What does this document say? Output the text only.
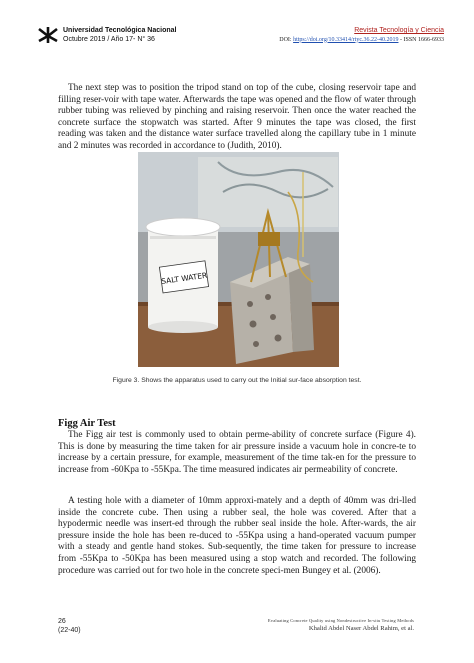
Universidad Tecnológica Nacional
Octubre 2019 / Año 17- N° 36
Revista Tecnología y Ciencia
DOI: https://doi.org/10.33414/rtyc.36.22-40.2019 - ISSN 1666-6933

The next step was to position the tripod stand on top of the cube, closing reservoir tape and filling reser-voir with tape water. Afterwards the tape was opened and the flow of water through rubber tubing was relieved by pinching and raising reservoir. Then once the water reached the concrete surface the stopwatch was started. After 9 minutes the tape was closed, the first reading was taken and the distance water surface travelled along the capillary tube in 1 minute and 2 minutes was recorded in accordance to (Judith, 2010).

SALT WATER

Figure 3. Shows the apparatus used to carry out the Initial sur-face absorption test.

Figg Air Test

The Figg air test is commonly used to obtain perme-ability of concrete surface (Figure 4). This is done by measuring the time taken for air pressure inside a vacuum hole in concre-te to increase by a certain pressure, for example, measurement of the time tak-en for the pressure to increase from -60Kpa to -55Kpa. The time measured indicates air permeability of concrete.

A testing hole with a diameter of 10mm approxi-mately and a depth of 40mm was dri-lled inside the concrete cube. Then using a rubber seal, the hole was covered. After that a hypodermic needle was insert-ed through the rubber seal inside the hole. After-wards, the air pressure inside the hole has been re-duced to -55Kpa using a hand-operated vacuum pumper with a steady and gentle hand stokes. Sub-sequently, the time taken for pressure to increase from -55Kpa to -50Kpa has been measured using a stop watch and recorded. The following procedure was carried out for two hole in the concrete speci-men Bungey et al. (2006).

26
(22-40)
Evaluating Concrete Quality using Nondestructive In-situ Testing Methods
Khalid Abdel Naser Abdel Rahim, et al.
